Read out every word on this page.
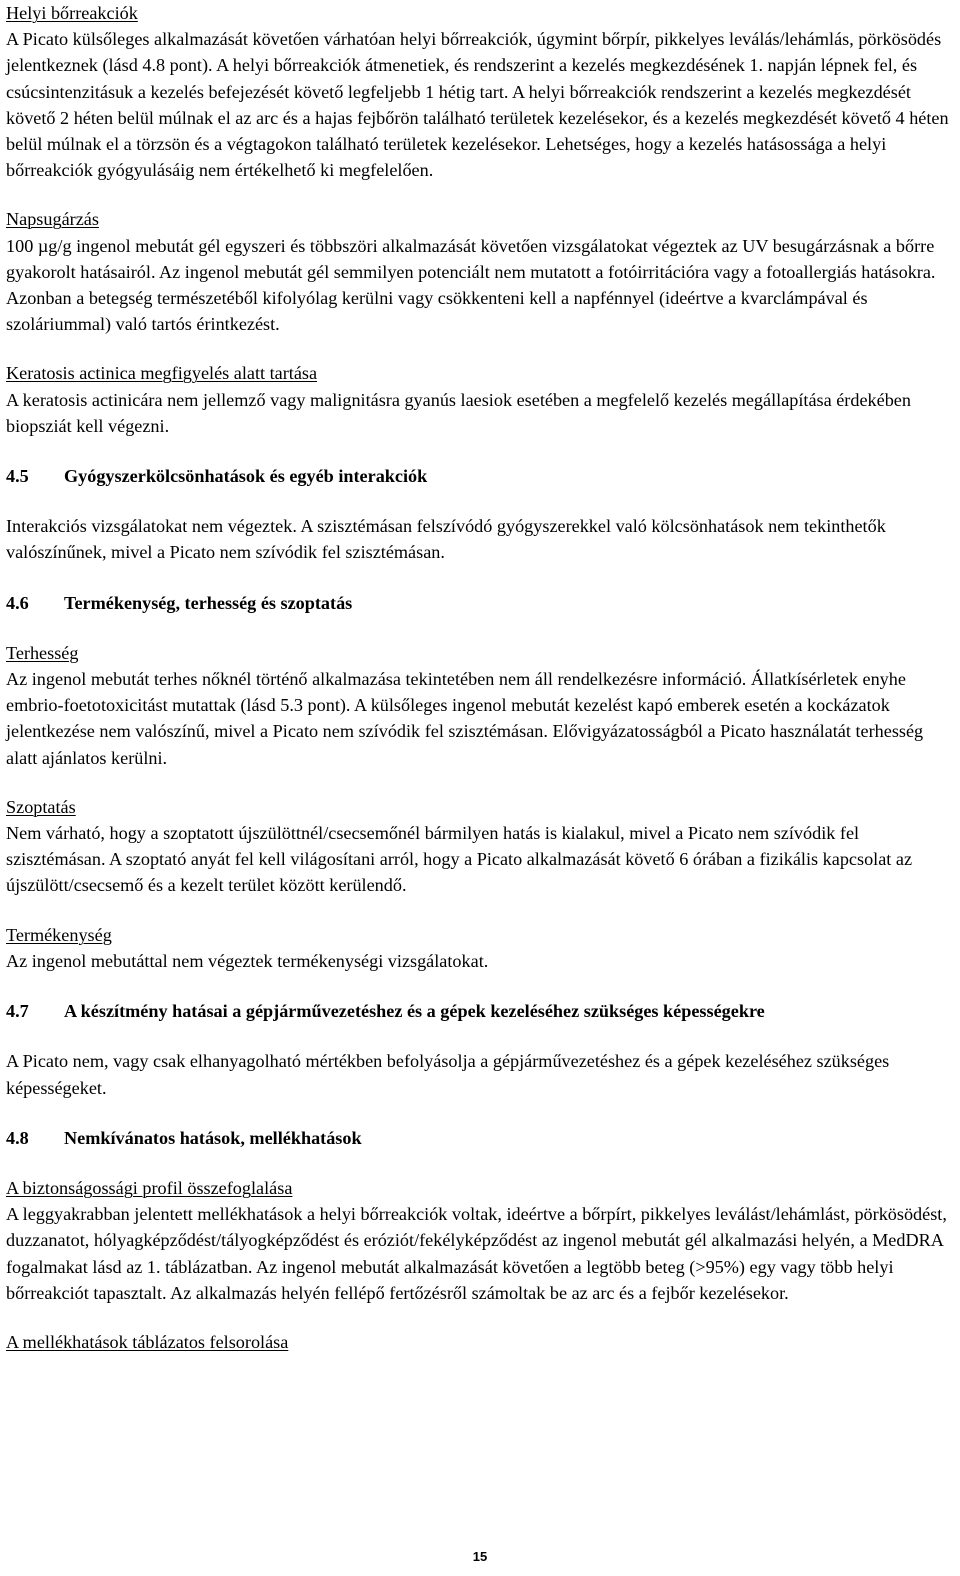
Helyi bőrreakciók

A Picato külsőleges alkalmazását követően várhatóan helyi bőrreakciók, úgymint bőrpír, pikkelyes leválás/lehámlás, pörkösödés jelentkeznek (lásd 4.8 pont). A helyi bőrreakciók átmenetiek, és rendszerint a kezelés megkezdésének 1. napján lépnek fel, és csúcsintenzitásuk a kezelés befejezését követő legfeljebb 1 hétig tart. A helyi bőrreakciók rendszerint a kezelés megkezdését követő 2 héten belül múlnak el az arc és a hajas fejbőrön található területek kezelésekor, és a kezelés megkezdését követő 4 héten belül múlnak el a törzsön és a végtagokon található területek kezelésekor. Lehetséges, hogy a kezelés hatásossága a helyi bőrreakciók gyógyulásáig nem értékelhető ki megfelelően.

Napsugárzás

100 µg/g ingenol mebutát gél egyszeri és többszöri alkalmazását követően vizsgálatokat végeztek az UV besugárzásnak a bőrre gyakorolt hatásairól. Az ingenol mebutát gél semmilyen potenciált nem mutatott a fotóirritációra vagy a fotoallergiás hatásokra. Azonban a betegség természetéből kifolyólag kerülni vagy csökkenteni kell a napfénnyel (ideértve a kvarclámpával és szoláriummal) való tartós érintkezést.

Keratosis actinica megfigyelés alatt tartása

A keratosis actinicára nem jellemző vagy malignitásra gyanús laesiok esetében a megfelelő kezelés megállapítása érdekében biopsziát kell végezni.

4.5	Gyógyszerkölcsönhatások és egyéb interakciók

Interakciós vizsgálatokat nem végeztek. A szisztémásan felszívódó gyógyszerekkel való kölcsönhatások nem tekinthetők valószínűnek, mivel a Picato nem szívódik fel szisztémásan.

4.6	Termékenység, terhesség és szoptatás

Terhesség

Az ingenol mebutát terhes nőknél történő alkalmazása tekintetében nem áll rendelkezésre információ. Állatkísérletek enyhe embrio-foetotoxicitást mutattak (lásd 5.3 pont). A külsőleges ingenol mebutát kezelést kapó emberek esetén a kockázatok jelentkezése nem valószínű, mivel a Picato nem szívódik fel szisztémásan. Elővigyázatosságból a Picato használatát terhesség alatt ajánlatos kerülni.

Szoptatás

Nem várható, hogy a szoptatott újszülöttnél/csecsemőnél bármilyen hatás is kialakul, mivel a Picato nem szívódik fel szisztémásan. A szoptató anyát fel kell világosítani arról, hogy a Picato alkalmazását követő 6 órában a fizikális kapcsolat az újszülött/csecsemő és a kezelt terület között kerülendő.

Termékenység

Az ingenol mebutáttal nem végeztek termékenységi vizsgálatokat.

4.7	A készítmény hatásai a gépjárművezetéshez és a gépek kezeléséhez szükséges képességekre

A Picato nem, vagy csak elhanyagolható mértékben befolyásolja a gépjárművezetéshez és a gépek kezeléséhez szükséges képességeket.

4.8	Nemkívánatos hatások, mellékhatások

A biztonságossági profil összefoglalása

A leggyakrabban jelentett mellékhatások a helyi bőrreakciók voltak, ideértve a bőrpírt, pikkelyes leválást/lehámlást, pörkösödést, duzzanatot, hólyagképződést/tályogképződést és eróziót/fekélyképződést az ingenol mebutát gél alkalmazási helyén, a MedDRA fogalmakat lásd az 1. táblázatban. Az ingenol mebutát alkalmazását követően a legtöbb beteg (>95%) egy vagy több helyi bőrreakciót tapasztalt. Az alkalmazás helyén fellépő fertőzésről számoltak be az arc és a fejbőr kezelésekor.

A mellékhatások táblázatos felsorolása

15
